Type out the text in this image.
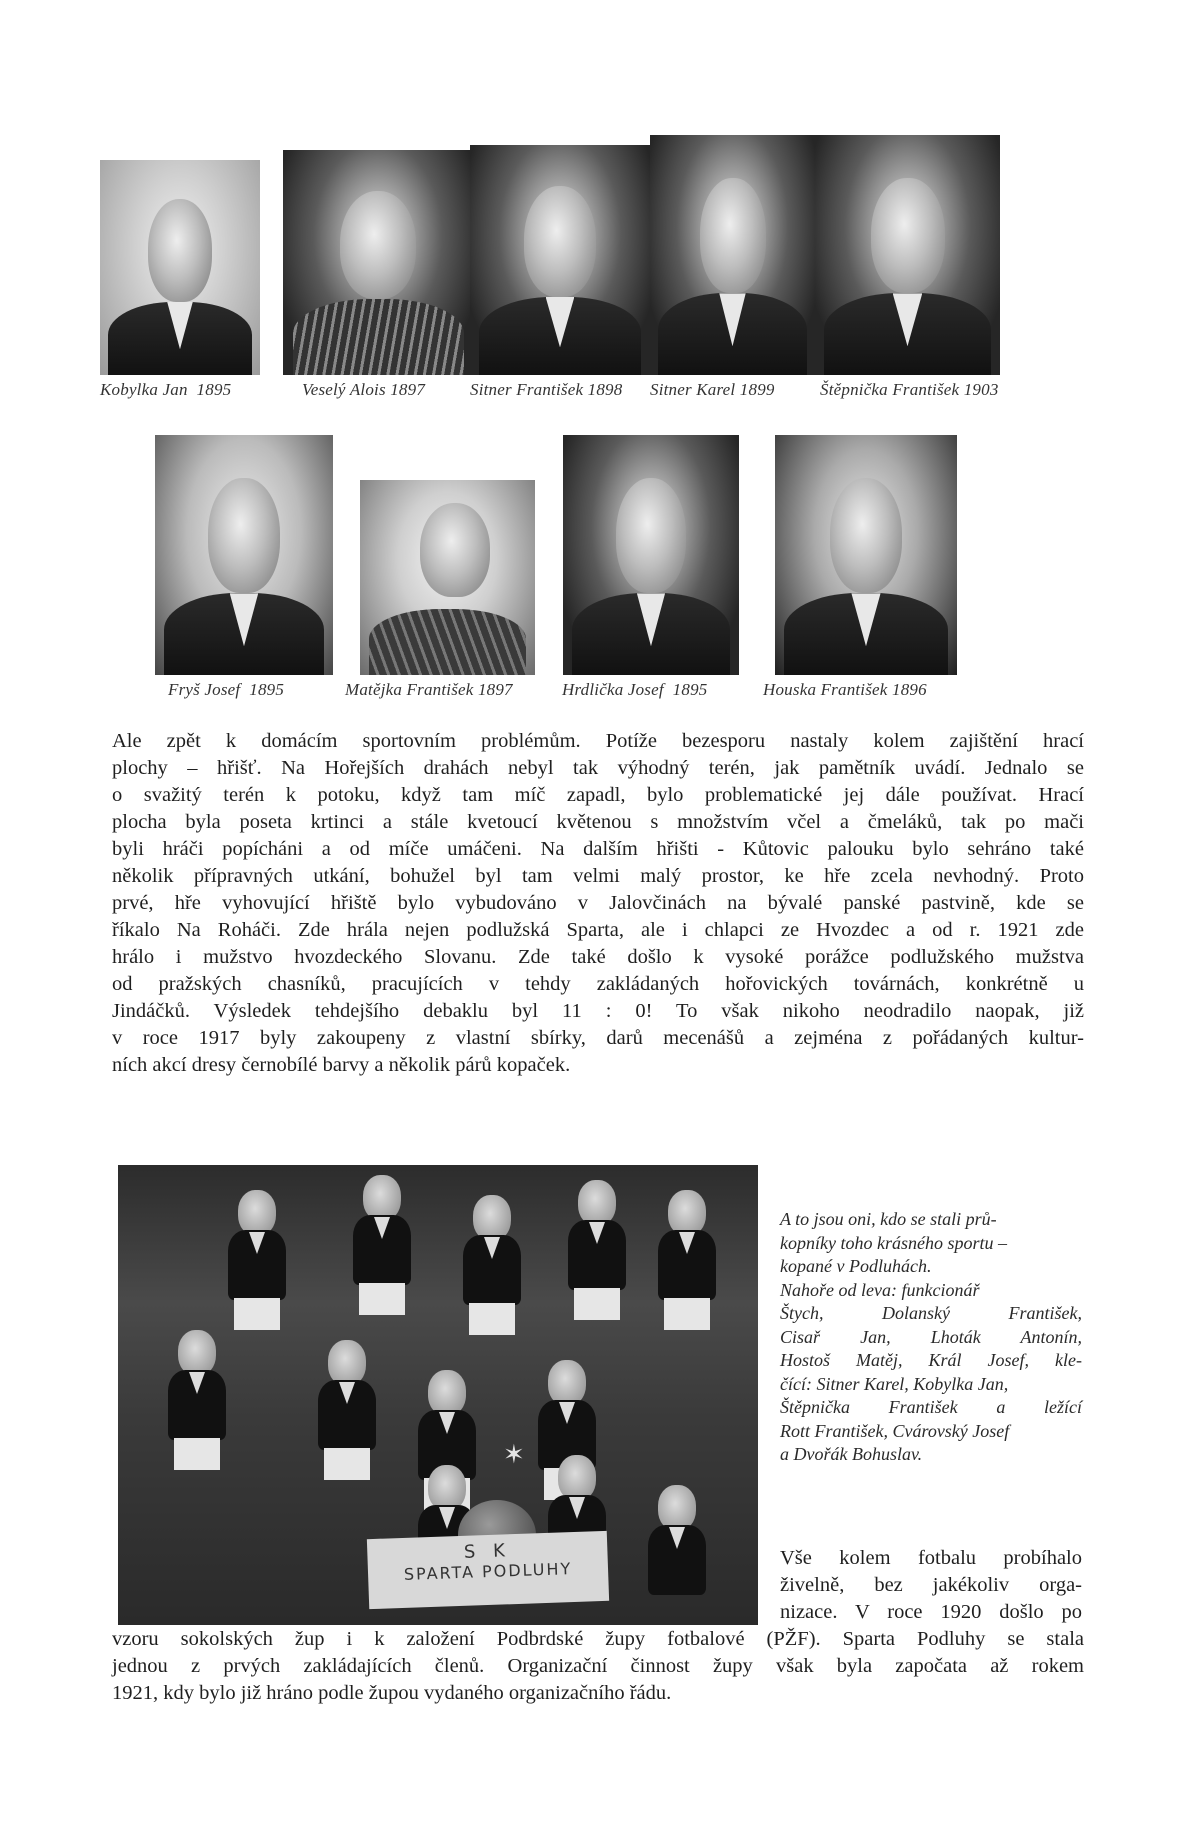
Kobylka Jan  1895	Veselý Alois 1897	Sitner František 1898 Sitner Karel 1899	Štěpnička František 1903
Fryš Josef  1895	Matějka František 1897	Hrdlička Josef  1895	Houska František 1896
Ale zpět k domácím sportovním problémům. Potíže bezesporu nastaly kolem zajištění hrací
plochy – hřišť. Na Hořejších drahách nebyl tak výhodný terén, jak pamětník uvádí. Jednalo se
o svažitý terén k potoku, když tam míč zapadl, bylo problematické jej dále používat. Hrací
plocha byla poseta krtinci a stále kvetoucí květenou s množstvím včel a čmeláků, tak po mači
byli hráči popícháni a od míče umáčeni. Na dalším hřišti - Kůtovic palouku bylo sehráno také
několik přípravných utkání, bohužel byl tam velmi malý prostor, ke hře zcela nevhodný. Proto
prvé, hře vyhovující hřiště bylo vybudováno v Jalovčinách na bývalé panské pastvině, kde se
říkalo Na Roháči. Zde hrála nejen podlužská Sparta, ale i chlapci ze Hvozdec a od r. 1921 zde
hrálo i mužstvo hvozdeckého Slovanu. Zde také došlo k vysoké porážce podlužského mužstva
od pražských chasníků, pracujících v tehdy zakládaných hořovických továrnách, konkrétně u
Jindáčků. Výsledek tehdejšího debaklu byl 11 : 0! To však nikoho neodradilo naopak, již
v roce 1917 byly zakoupeny z vlastní sbírky, darů mecenášů a zejména z pořádaných kultur-
ních akcí dresy černobílé barvy a několik párů kopaček.
✶
S K
SPARTA PODLUHY
A to jsou oni, kdo se stali prů-
kopníky toho krásného sportu –
kopané v Podluhách.
Nahoře od leva: funkcionář
Štych, Dolanský František,
Cisař Jan, Lhoták Antonín,
Hostoš Matěj, Král Josef, kle-
čící: Sitner Karel, Kobylka Jan,
Štěpnička František a ležící
Rott František, Cvárovský Josef
a Dvořák Bohuslav.
Vše kolem fotbalu probíhalo
živelně, bez jakékoliv orga-
nizace. V roce 1920 došlo po
vzoru sokolských žup i k založení Podbrdské župy fotbalové (PŽF). Sparta Podluhy se stala
jednou z prvých zakládajících členů. Organizační činnost župy však byla započata až rokem
1921, kdy bylo již hráno podle župou vydaného organizačního řádu.
